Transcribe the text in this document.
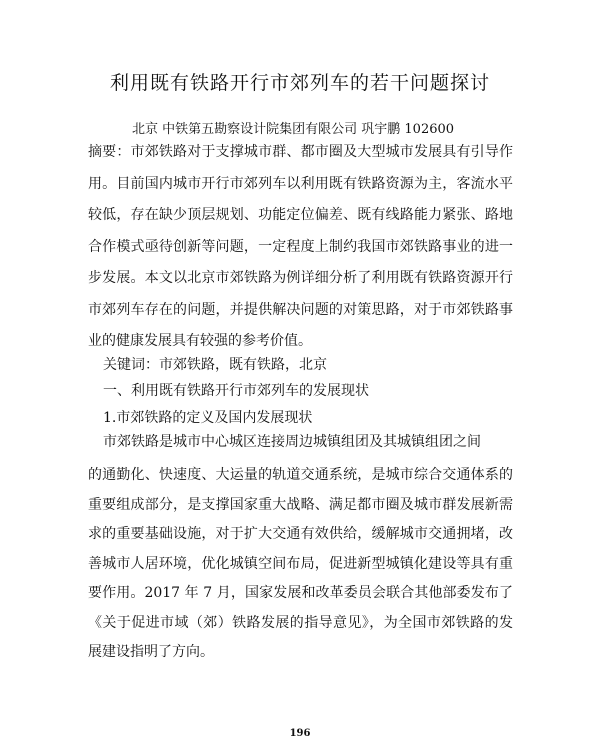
利用既有铁路开行市郊列车的若干问题探讨
北京 中铁第五勘察设计院集团有限公司 巩宇鹏 102600
摘要：市郊铁路对于支撑城市群、都市圈及大型城市发展具有引导作用。目前国内城市开行市郊列车以利用既有铁路资源为主，客流水平较低，存在缺少顶层规划、功能定位偏差、既有线路能力紧张、路地合作模式亟待创新等问题，一定程度上制约我国市郊铁路事业的进一步发展。本文以北京市郊铁路为例详细分析了利用既有铁路资源开行市郊列车存在的问题，并提供解决问题的对策思路，对于市郊铁路事业的健康发展具有较强的参考价值。
关键词：市郊铁路，既有铁路，北京
一、利用既有铁路开行市郊列车的发展现状
1.市郊铁路的定义及国内发展现状
市郊铁路是城市中心城区连接周边城镇组团及其城镇组团之间
的通勤化、快速度、大运量的轨道交通系统，是城市综合交通体系的重要组成部分，是支撑国家重大战略、满足都市圈及城市群发展新需求的重要基础设施，对于扩大交通有效供给，缓解城市交通拥堵，改善城市人居环境，优化城镇空间布局，促进新型城镇化建设等具有重要作用。2017 年 7 月，国家发展和改革委员会联合其他部委发布了《关于促进市域（郊）铁路发展的指导意见》，为全国市郊铁路的发展建设指明了方向。
196
